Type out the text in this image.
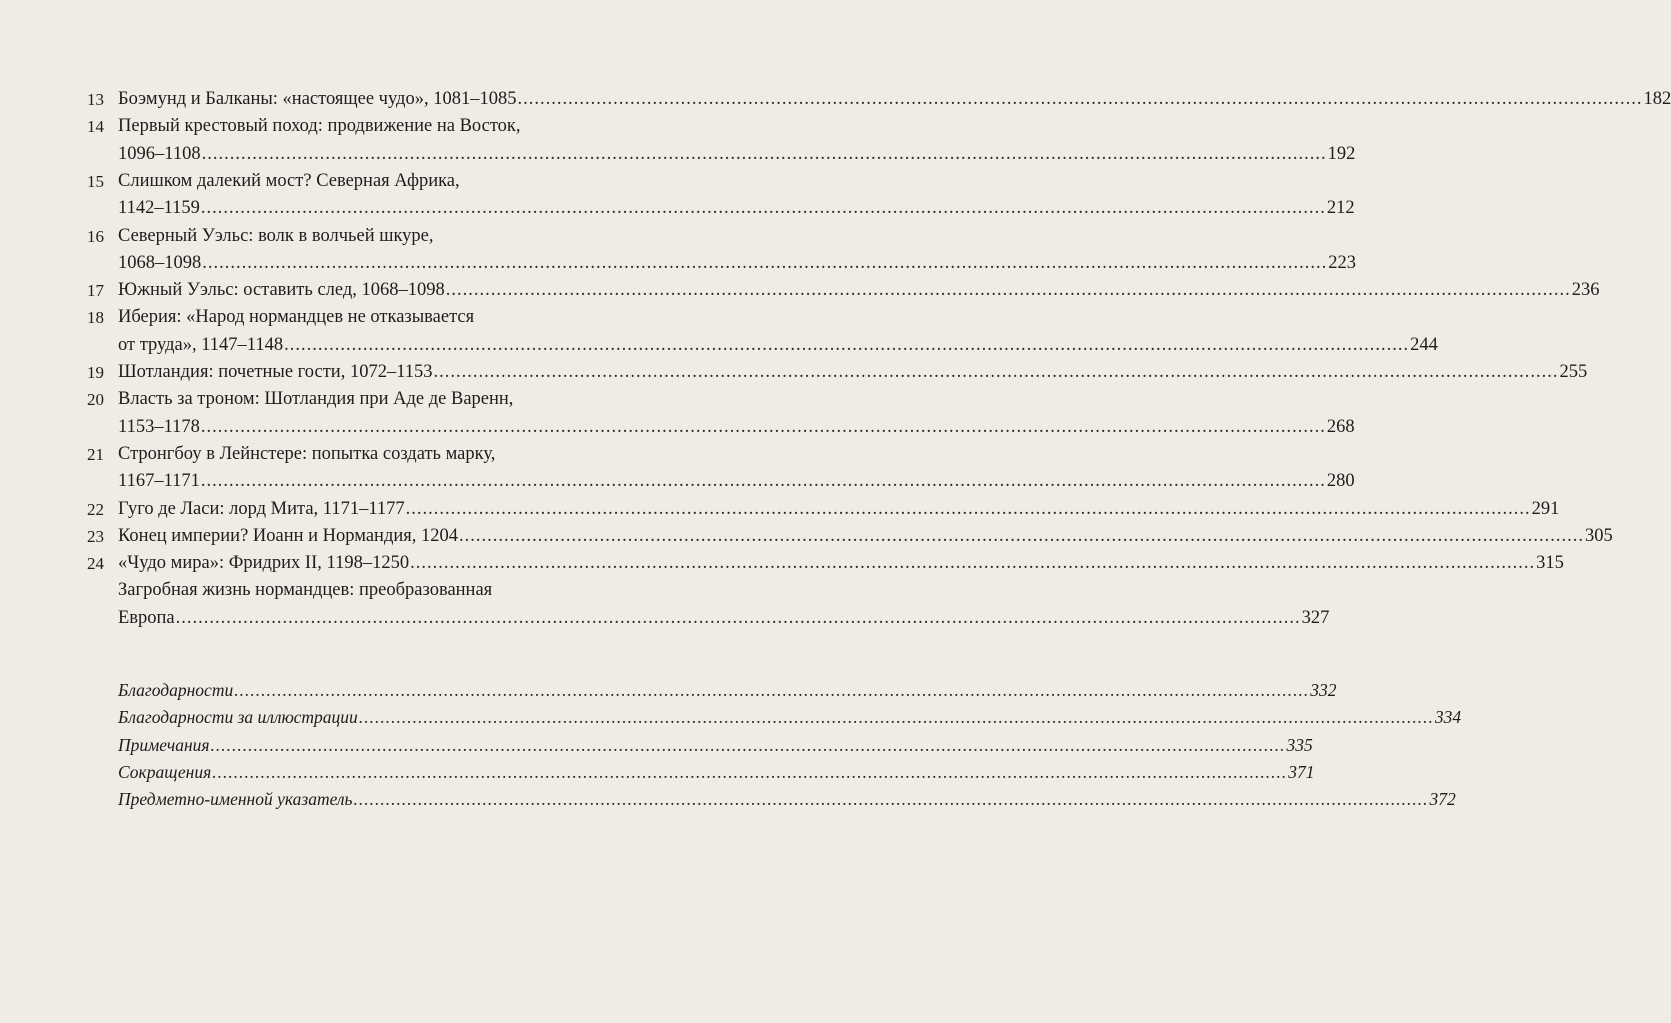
13 Боэмунд и Балканы: «настоящее чудо», 1081–1085 ........................................................................................................................................................................................................ 182
14 Первый крестовый поход: продвижение на Восток,
1096–1108 ........................................................................................................................................................................................................ 192
15 Слишком далекий мост? Северная Африка,
1142–1159 ........................................................................................................................................................................................................ 212
16 Северный Уэльс: волк в волчьей шкуре,
1068–1098 ........................................................................................................................................................................................................ 223
17 Южный Уэльс: оставить след, 1068–1098 ........................................................................................................................................................................................................ 236
18 Иберия: «Народ нормандцев не отказывается
от труда», 1147–1148 ........................................................................................................................................................................................................ 244
19 Шотландия: почетные гости, 1072–1153 ........................................................................................................................................................................................................ 255
20 Власть за троном: Шотландия при Аде де Варенн,
1153–1178 ........................................................................................................................................................................................................ 268
21 Стронгбоу в Лейнстере: попытка создать марку,
1167–1171 ........................................................................................................................................................................................................ 280
22 Гуго де Ласи: лорд Мита, 1171–1177 ........................................................................................................................................................................................................ 291
23 Конец империи? Иоанн и Нормандия, 1204 ........................................................................................................................................................................................................ 305
24 «Чудо мира»: Фридрих II, 1198–1250 ........................................................................................................................................................................................................ 315
Загробная жизнь нормандцев: преобразованная
Европа ........................................................................................................................................................................................................ 327
Благодарности ........................................................................................................................................................................................................ 332
Благодарности за иллюстрации ........................................................................................................................................................................................................ 334
Примечания ........................................................................................................................................................................................................ 335
Сокращения ........................................................................................................................................................................................................ 371
Предметно-именной указатель ........................................................................................................................................................................................................ 372
